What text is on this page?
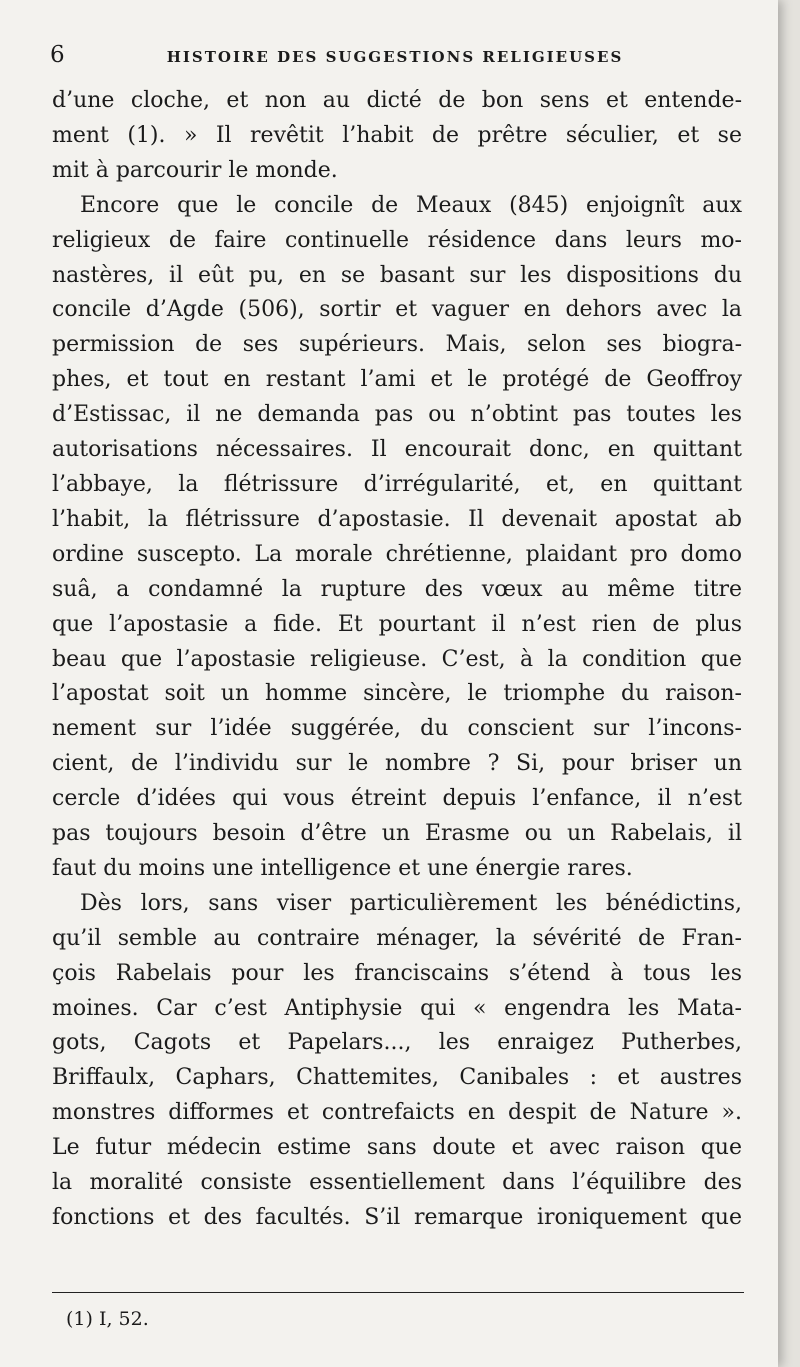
6	HISTOIRE DES SUGGESTIONS RELIGIEUSES
d’une cloche, et non au dicté de bon sens et entende-
ment (1). » Il revêtit l’habit de prêtre séculier, et se
mit à parcourir le monde.
Encore que le concile de Meaux (845) enjoignît aux
religieux de faire continuelle résidence dans leurs mo-
nastères, il eût pu, en se basant sur les dispositions du
concile d’Agde (506), sortir et vaguer en dehors avec la
permission de ses supérieurs. Mais, selon ses biogra-
phes, et tout en restant l’ami et le protégé de Geoffroy
d’Estissac, il ne demanda pas ou n’obtint pas toutes les
autorisations nécessaires. Il encourait donc, en quittant
l’abbaye, la flétrissure d’irrégularité, et, en quittant
l’habit, la flétrissure d’apostasie. Il devenait apostat ab
ordine suscepto. La morale chrétienne, plaidant pro domo
suâ, a condamné la rupture des vœux au même titre
que l’apostasie a fide. Et pourtant il n’est rien de plus
beau que l’apostasie religieuse. C’est, à la condition que
l’apostat soit un homme sincère, le triomphe du raison-
nement sur l’idée suggérée, du conscient sur l’incons-
cient, de l’individu sur le nombre ? Si, pour briser un
cercle d’idées qui vous étreint depuis l’enfance, il n’est
pas toujours besoin d’être un Erasme ou un Rabelais, il
faut du moins une intelligence et une énergie rares.
Dès lors, sans viser particulièrement les bénédictins,
qu’il semble au contraire ménager, la sévérité de Fran-
çois Rabelais pour les franciscains s’étend à tous les
moines. Car c’est Antiphysie qui « engendra les Mata-
gots, Cagots et Papelars..., les enraigez Putherbes,
Briffaulx, Caphars, Chattemites, Canibales : et austres
monstres difformes et contrefaicts en despit de Nature ».
Le futur médecin estime sans doute et avec raison que
la moralité consiste essentiellement dans l’équilibre des
fonctions et des facultés. S’il remarque ironiquement que
(1) I, 52.
